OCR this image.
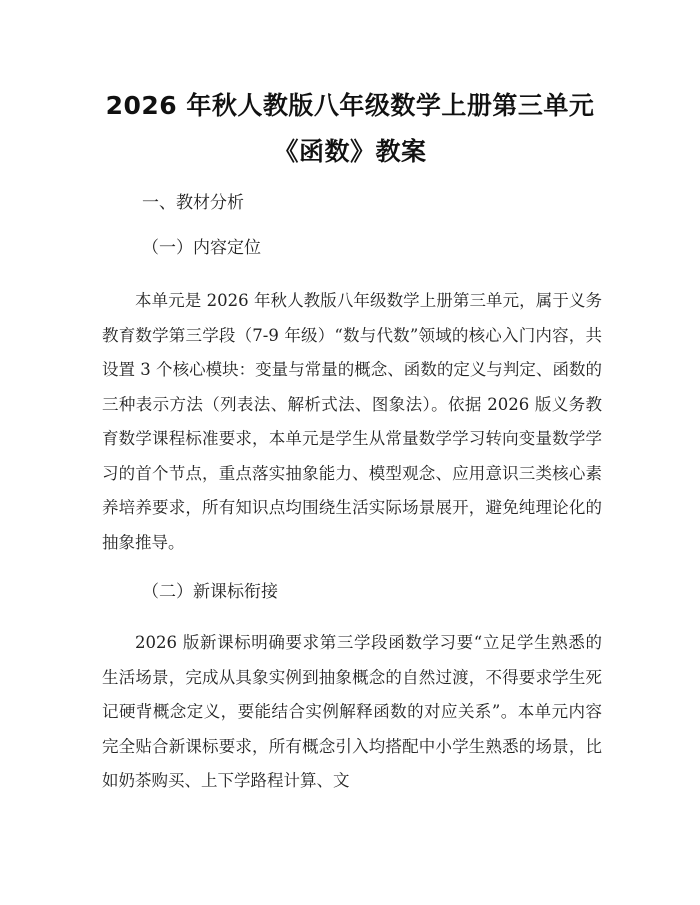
2026 年秋人教版八年级数学上册第三单元
《函数》教案
一、教材分析
（一）内容定位
本单元是 2026 年秋人教版八年级数学上册第三单元，属于义务教育数学第三学段（7-9 年级）“数与代数”领域的核心入门内容，共设置 3 个核心模块：变量与常量的概念、函数的定义与判定、函数的三种表示方法（列表法、解析式法、图象法）。依据 2026 版义务教育数学课程标准要求，本单元是学生从常量数学学习转向变量数学学习的首个节点，重点落实抽象能力、模型观念、应用意识三类核心素养培养要求，所有知识点均围绕生活实际场景展开，避免纯理论化的抽象推导。
（二）新课标衔接
2026 版新课标明确要求第三学段函数学习要“立足学生熟悉的生活场景，完成从具象实例到抽象概念的自然过渡，不得要求学生死记硬背概念定义，要能结合实例解释函数的对应关系”。本单元内容完全贴合新课标要求，所有概念引入均搭配中小学生熟悉的场景，比如奶茶购买、上下学路程计算、文
